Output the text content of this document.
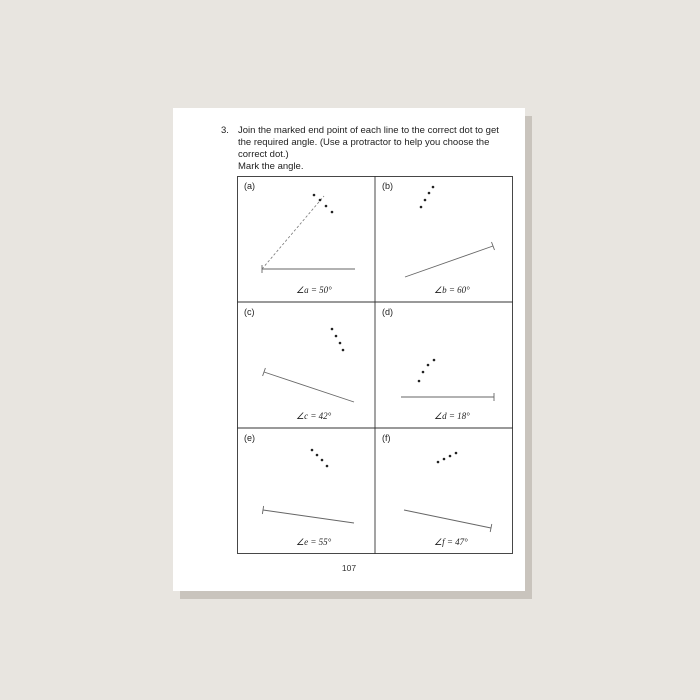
3. Join the marked end point of each line to the correct dot to get
the required angle. (Use a protractor to help you choose the
correct dot.)
Mark the angle.
(a)
∠a = 50°
(b)
∠b = 60°
(c)
∠c = 42°
(d)
∠d = 18°
(e)
∠e = 55°
(f)
∠f = 47°
107
